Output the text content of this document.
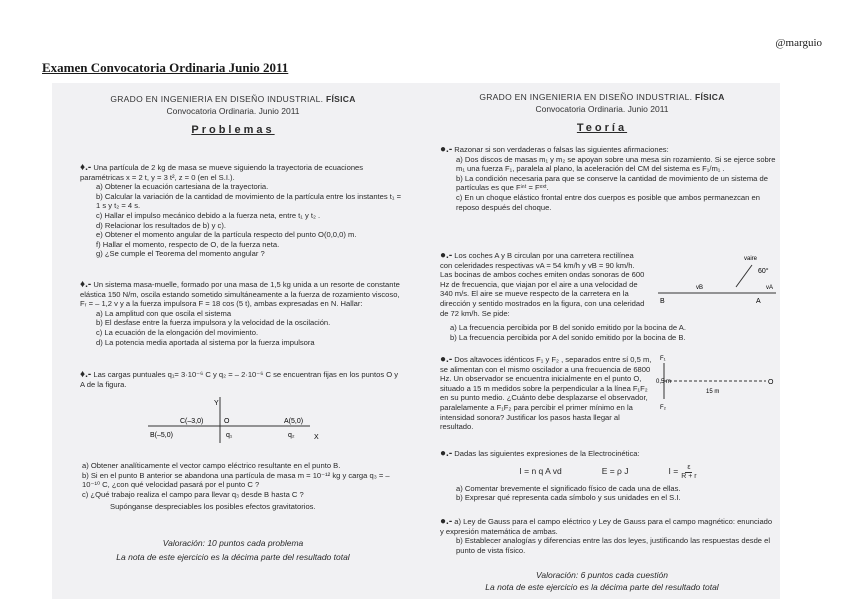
@marguio
Examen Convocatoria Ordinaria Junio 2011
GRADO EN INGENIERIA EN DISEÑO INDUSTRIAL. FÍSICA
Convocatoria Ordinaria. Junio 2011
Problemas
♦.- Una partícula de 2 kg de masa se mueve siguiendo la trayectoria de ecuaciones paramétricas x = 2 t, y = 3 t², z = 0 (en el S.I.).
a) Obtener la ecuación cartesiana de la trayectoria.
b) Calcular la variación de la cantidad de movimiento de la partícula entre los instantes t₁ = 1 s y t₂ = 4 s.
c) Hallar el impulso mecánico debido a la fuerza neta, entre t₁ y t₂ .
d) Relacionar los resultados de b) y c).
e) Obtener el momento angular de la partícula respecto del punto O(0,0,0) m.
f) Hallar el momento, respecto de O, de la fuerza neta.
g) ¿Se cumple el Teorema del momento angular ?
♦.- Un sistema masa-muelle, formado por una masa de 1,5 kg unida a un resorte de constante elástica 150 N/m, oscila estando sometido simultáneamente a la fuerza de rozamiento viscoso, Fᵣ = – 1,2 v y a la fuerza impulsora F = 18 cos (5 t), ambas expresadas en N. Hallar:
a) La amplitud con que oscila el sistema
b) El desfase entre la fuerza impulsora y la velocidad de la oscilación.
c) La ecuación de la elongación del movimiento.
d) La potencia media aportada al sistema por la fuerza impulsora
♦.- Las cargas puntuales q₁= 3·10⁻⁶ C y q₂ = – 2·10⁻⁶ C se encuentran fijas en los puntos O y A de la figura.
Y
X
C(–3,0)	O	A(5,0)
B(–5,0)	q₁	q₂
a) Obtener analíticamente el vector campo eléctrico resultante en el punto B.
b) Si en el punto B anterior se abandona una partícula de masa m = 10⁻¹² kg y carga q₃ = – 10⁻¹⁰ C, ¿con qué velocidad pasará por el punto C ?
c) ¿Qué trabajo realiza el campo para llevar q₃ desde B hasta C ?
Supónganse despreciables los posibles efectos gravitatorios.
Valoración: 10 puntos cada problema
La nota de este ejercicio es la décima parte del resultado total
GRADO EN INGENIERIA EN DISEÑO INDUSTRIAL. FÍSICA
Convocatoria Ordinaria. Junio 2011
Teoría
●.- Razonar si son verdaderas o falsas las siguientes afirmaciones:
a) Dos discos de masas m₁ y m₂ se apoyan sobre una mesa sin rozamiento. Si se ejerce sobre m₁ una fuerza F₁, paralela al plano, la aceleración del CM del sistema es F₁/m₁ .
b) La condición necesaria para que se conserve la cantidad de movimiento de un sistema de partículas es que Fⁱⁿᵗ = Fᵉˣᵗ.
c) En un choque elástico frontal entre dos cuerpos es posible que ambos permanezcan en reposo después del choque.
●.- Los coches A y B circulan por una carretera rectilínea con celeridades respectivas vA = 54 km/h y vB = 90 km/h. Las bocinas de ambos coches emiten ondas sonoras de 600 Hz de frecuencia, que viajan por el aire a una velocidad de 340 m/s. El aire se mueve respecto de la carretera en la dirección y sentido mostrados en la figura, con una celeridad de 72 km/h. Se pide:
vaire
60°
vB	vA
B	A
a) La frecuencia percibida por B del sonido emitido por la bocina de A.
b) La frecuencia percibida por A del sonido emitido por la bocina de B.
●.- Dos altavoces idénticos F₁ y F₂ , separados entre sí 0,5 m, se alimentan con el mismo oscilador a una frecuencia de 6800 Hz. Un observador se encuentra inicialmente en el punto O, situado a 15 m medidos sobre la perpendicular a la línea F₁F₂ en su punto medio. ¿Cuánto debe desplazarse el observador, paralelamente a F₁F₂ para percibir el primer mínimo en la intensidad sonora? Justificar los pasos hasta llegar al resultado.
F₁
0,5 m
15 m
O
F₂
●.- Dadas las siguientes expresiones de la Electrocinética:
I = n q A vd	E = ρ J	$I = \frac{\varepsilon}{R + r}$
a) Comentar brevemente el significado físico de cada una de ellas.
b) Expresar qué representa cada símbolo y sus unidades en el S.I.
●.- a) Ley de Gauss para el campo eléctrico y Ley de Gauss para el campo magnético: enunciado y expresión matemática de ambas.
b) Establecer analogías y diferencias entre las dos leyes, justificando las respuestas desde el punto de vista físico.
Valoración: 6 puntos cada cuestión
La nota de este ejercicio es la décima parte del resultado total
